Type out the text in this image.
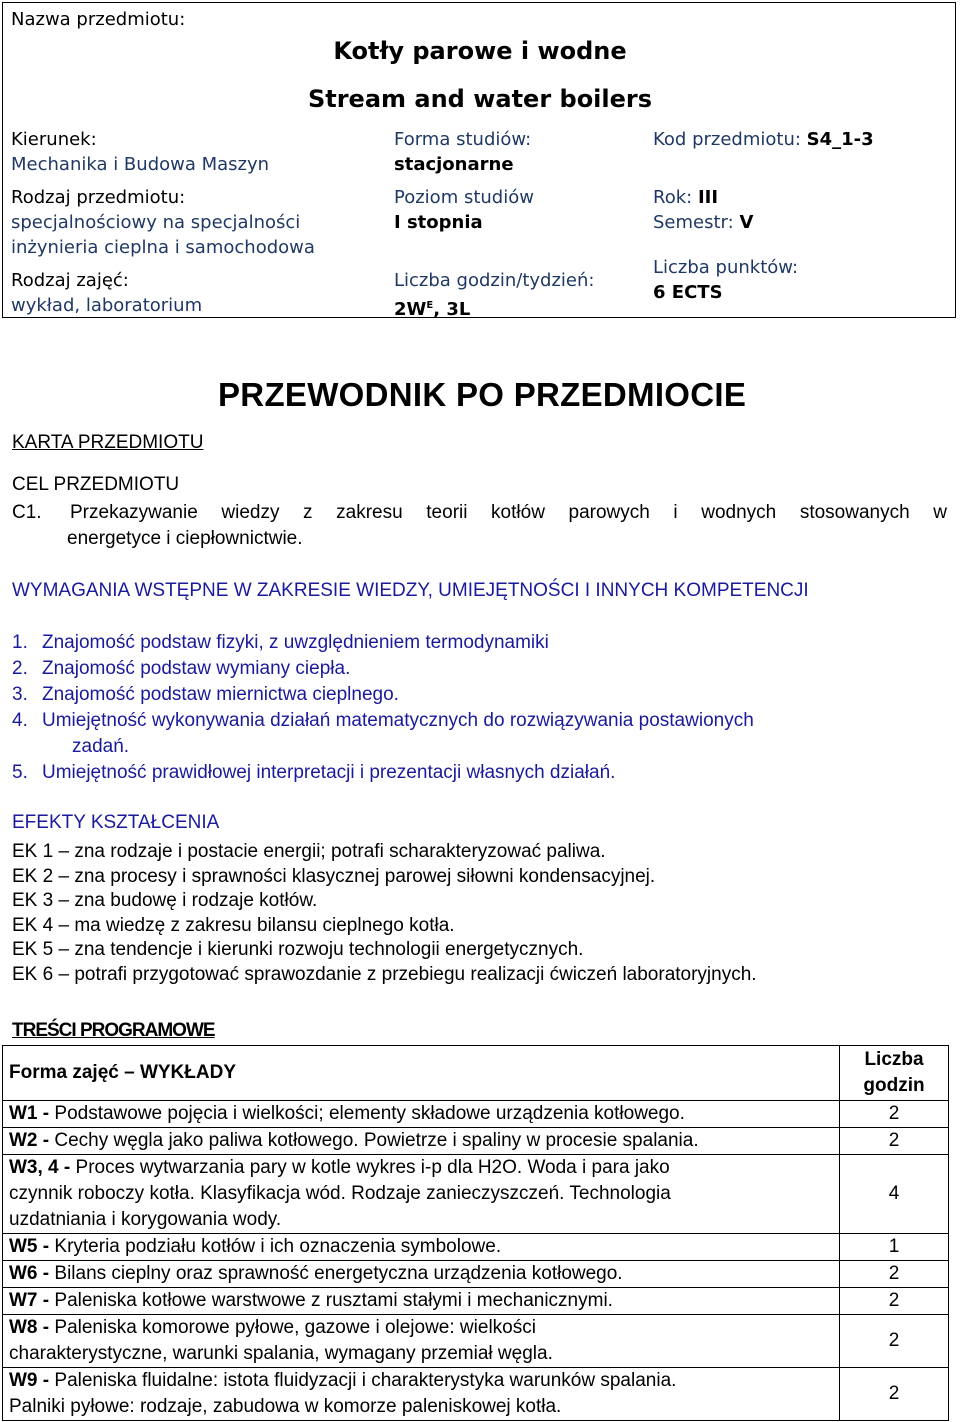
Nazwa przedmiotu:
Kotły parowe i wodne
Stream and water boilers
Kierunek:
Mechanika i Budowa Maszyn
Rodzaj przedmiotu:
specjalnościowy na specjalności
inżynieria cieplna i samochodowa
Rodzaj zajęć:
wykład, laboratorium
Forma studiów:
stacjonarne
Poziom studiów
I stopnia
Liczba godzin/tydzień:
$2W^E$, 3L
Kod przedmiotu: S4_1-3
Rok: III
Semestr: V
Liczba punktów:
6 ECTS
PRZEWODNIK PO PRZEDMIOCIE
KARTA PRZEDMIOTU
CEL PRZEDMIOTU
C1.	Przekazywanie wiedzy z zakresu teorii kotłów parowych i wodnych stosowanych w
energetyce i ciepłownictwie.
WYMAGANIA WSTĘPNE W ZAKRESIE WIEDZY, UMIEJĘTNOŚCI I INNYCH KOMPETENCJI
1. Znajomość podstaw fizyki, z uwzględnieniem termodynamiki
2. Znajomość podstaw wymiany ciepła.
3. Znajomość podstaw miernictwa cieplnego.
4. Umiejętność wykonywania działań matematycznych do rozwiązywania postawionych
zadań.
5. Umiejętność prawidłowej interpretacji i prezentacji własnych działań.
EFEKTY KSZTAŁCENIA
EK 1 – zna rodzaje i postacie energii; potrafi scharakteryzować paliwa.
EK 2 – zna procesy i sprawności klasycznej parowej siłowni kondensacyjnej.
EK 3 – zna budowę i rodzaje kotłów.
EK 4 – ma wiedzę z zakresu bilansu cieplnego kotła.
EK 5 – zna tendencje i kierunki rozwoju technologii energetycznych.
EK 6 – potrafi przygotować sprawozdanie z przebiegu realizacji ćwiczeń laboratoryjnych.
TREŚCI PROGRAMOWE
Forma zajęć – WYKŁADY	Liczba
godzin

W1 - Podstawowe pojęcia i wielkości; elementy składowe urządzenia kotłowego.	2
W2 - Cechy węgla jako paliwa kotłowego. Powietrze i spaliny w procesie spalania.	2
W3, 4 - Proces wytwarzania pary w kotle wykres i-p dla H2O. Woda i para jako
czynnik roboczy kotła. Klasyfikacja wód. Rodzaje zanieczyszczeń. Technologia
uzdatniania i korygowania wody.	4
W5 - Kryteria podziału kotłów i ich oznaczenia symbolowe.	1
W6 - Bilans cieplny oraz sprawność energetyczna urządzenia kotłowego.	2
W7 - Paleniska kotłowe warstwowe z rusztami stałymi i mechanicznymi.	2
W8 - Paleniska komorowe pyłowe, gazowe i olejowe: wielkości
charakterystyczne, warunki spalania, wymagany przemiał węgla.	2
W9 - Paleniska fluidalne: istota fluidyzacji i charakterystyka warunków spalania.
Palniki pyłowe: rodzaje, zabudowa w komorze paleniskowej kotła.	2
